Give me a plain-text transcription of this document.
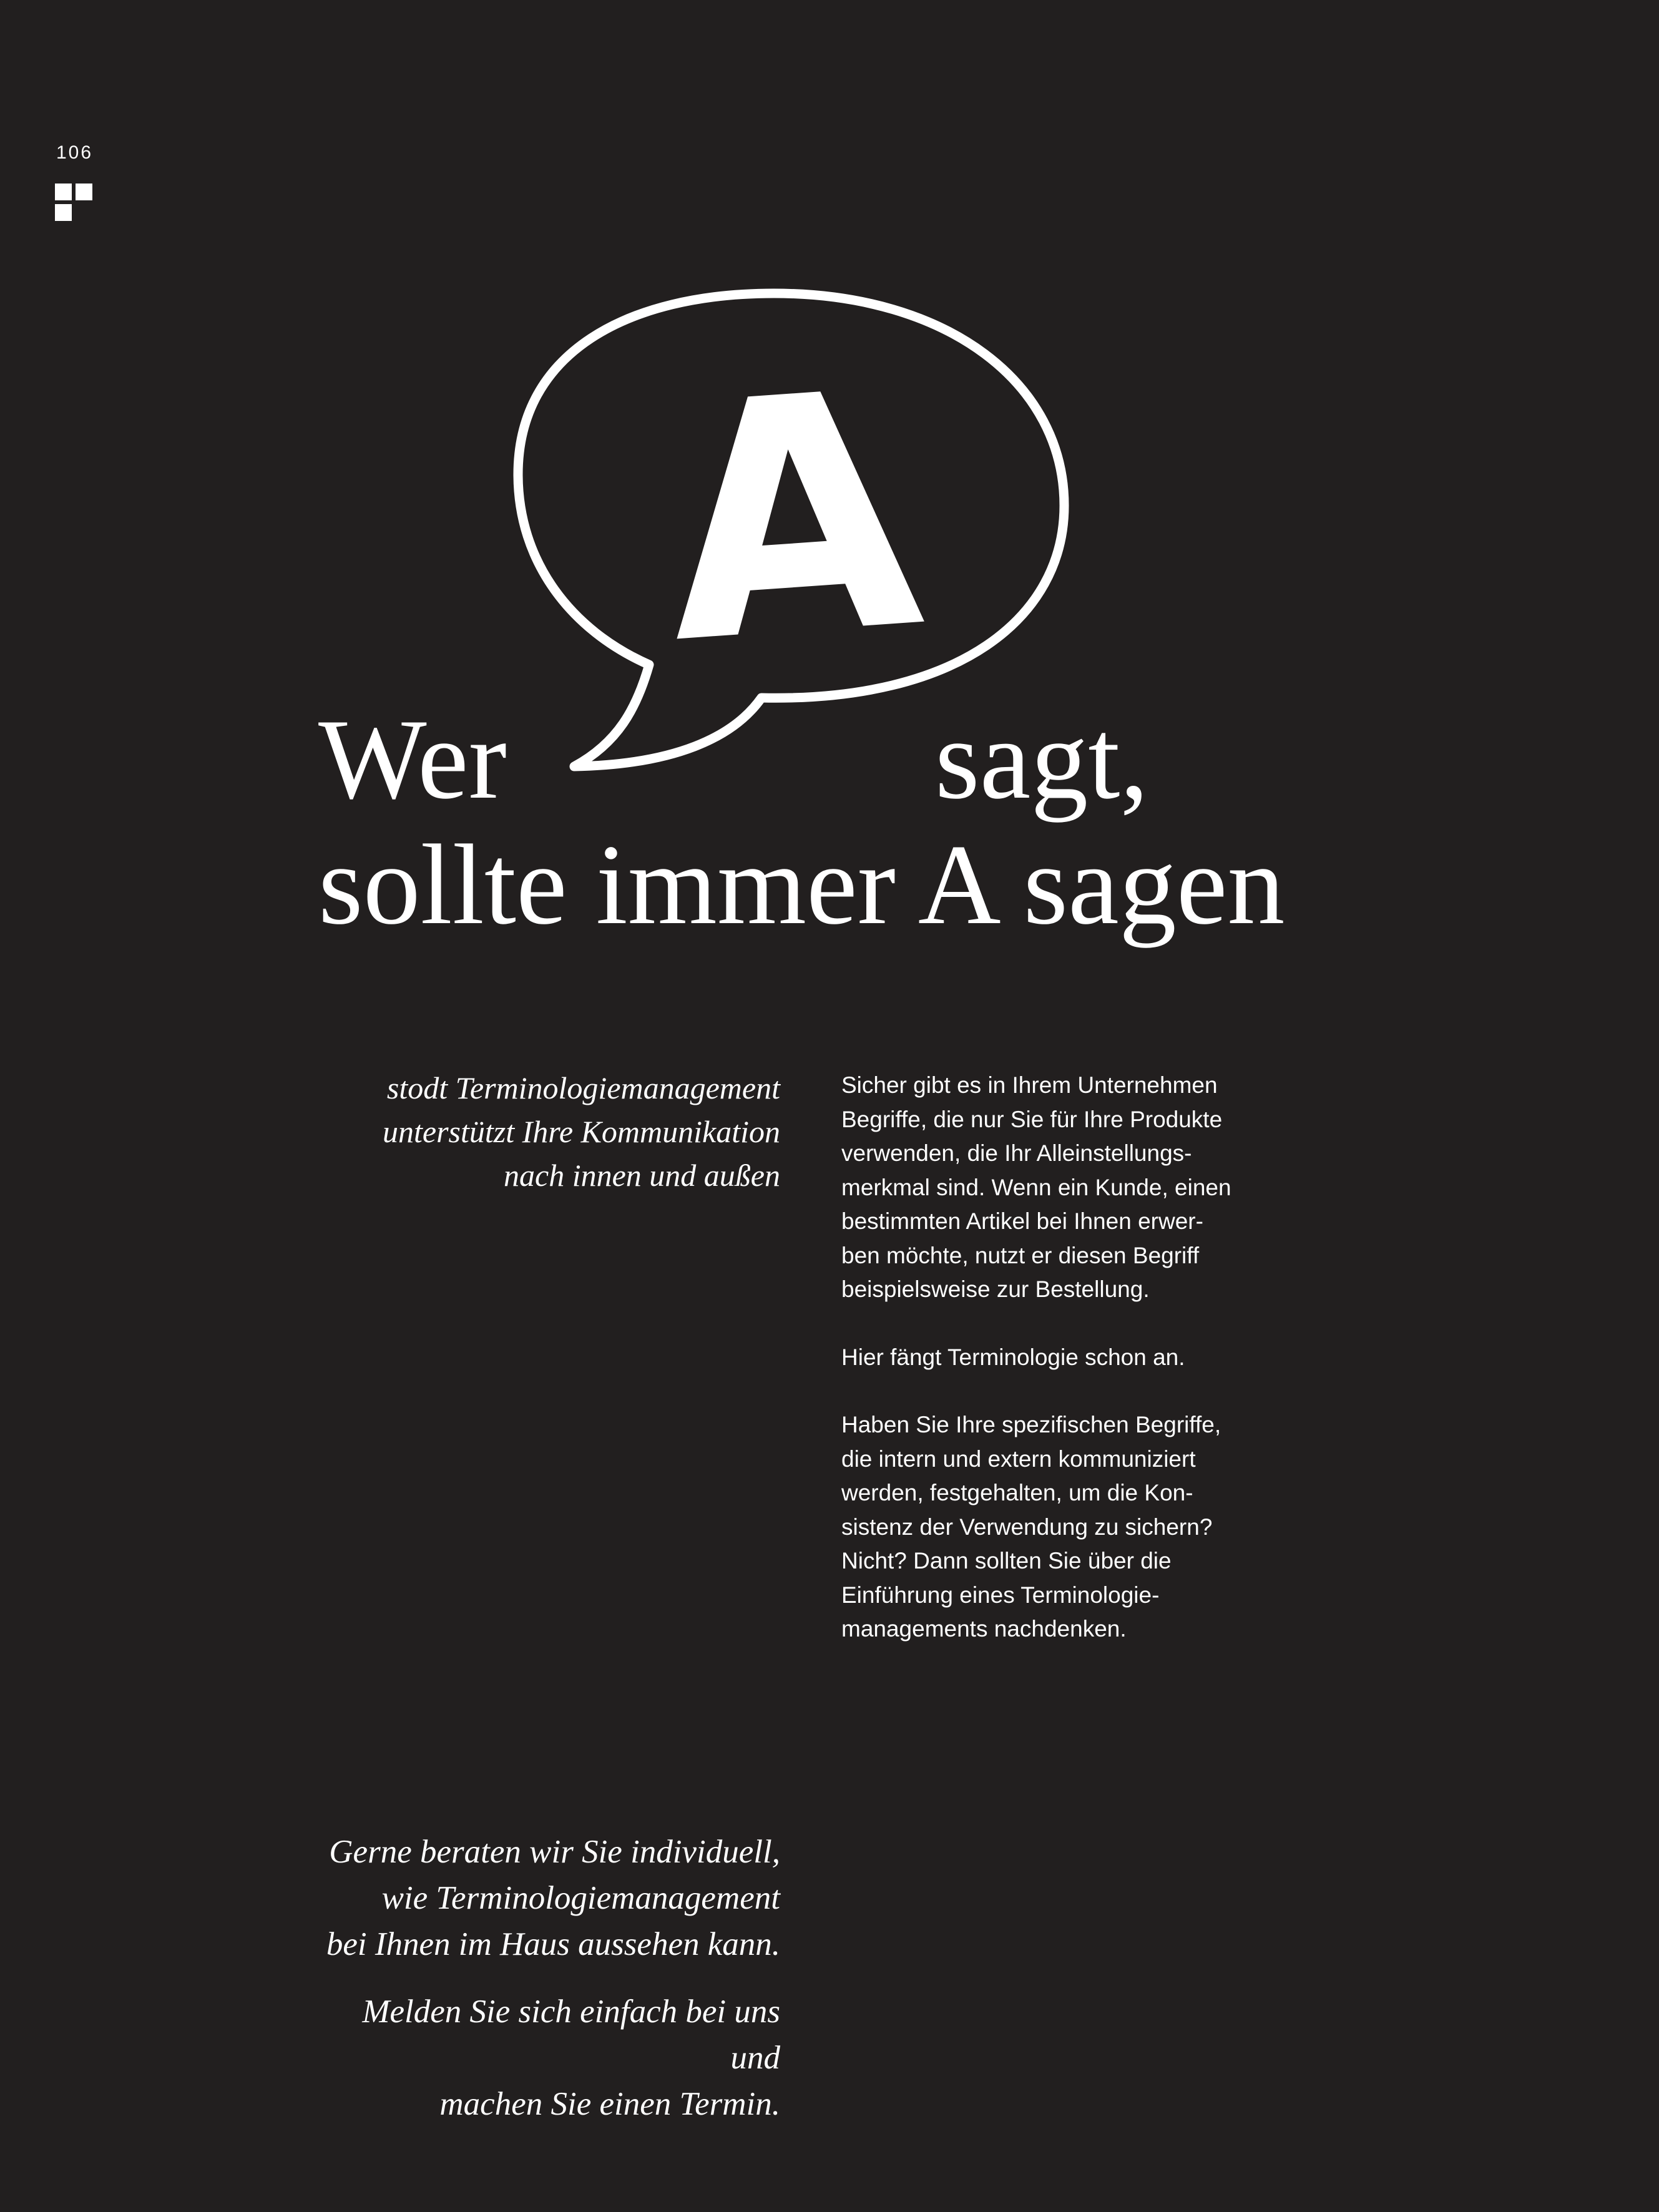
106
A
Wer	sagt,
sollte immer A sagen
stodt Terminologiemanagement
unterstützt Ihre Kommunikation
nach innen und außen

Sicher gibt es in Ihrem Unternehmen
Begriffe, die nur Sie für Ihre Produkte
verwenden, die Ihr Alleinstellungs-
merkmal sind. Wenn ein Kunde, einen
bestimmten Artikel bei Ihnen erwer-
ben möchte, nutzt er diesen Begriff
beispielsweise zur Bestellung.

Hier fängt Terminologie schon an.

Haben Sie Ihre spezifischen Begriffe,
die intern und extern kommuniziert
werden, festgehalten, um die Kon-
sistenz der Verwendung zu sichern?
Nicht? Dann sollten Sie über die
Einführung eines Terminologie-
managements nachdenken.

Gerne beraten wir Sie individuell,
wie Terminologiemanagement
bei Ihnen im Haus aussehen kann.

Melden Sie sich einfach bei uns und
machen Sie einen Termin.
